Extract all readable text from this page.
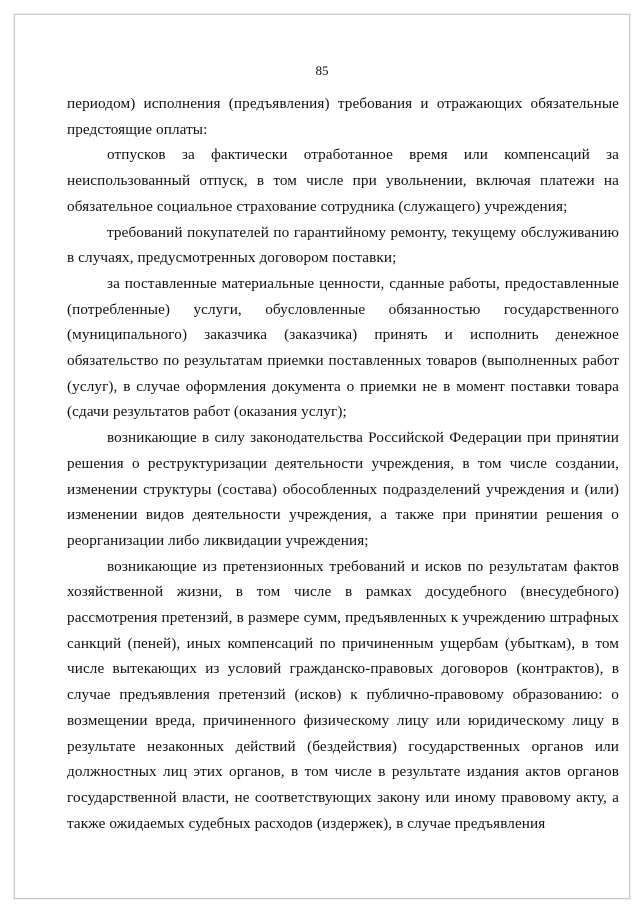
85

периодом) исполнения (предъявления) требования и отражающих обязательные предстоящие оплаты:

отпусков за фактически отработанное время или компенсаций за неиспользованный отпуск, в том числе при увольнении, включая платежи на обязательное социальное страхование сотрудника (служащего) учреждения;

требований покупателей по гарантийному ремонту, текущему обслуживанию в случаях, предусмотренных договором поставки;

за поставленные материальные ценности, сданные работы, предоставленные (потребленные) услуги, обусловленные обязанностью государственного (муниципального) заказчика (заказчика) принять и исполнить денежное обязательство по результатам приемки поставленных товаров (выполненных работ (услуг), в случае оформления документа о приемки не в момент поставки товара (сдачи результатов работ (оказания услуг);

возникающие в силу законодательства Российской Федерации при принятии решения о реструктуризации деятельности учреждения, в том числе создании, изменении структуры (состава) обособленных подразделений учреждения и (или) изменении видов деятельности учреждения, а также при принятии решения о реорганизации либо ликвидации учреждения;

возникающие из претензионных требований и исков по результатам фактов хозяйственной жизни, в том числе в рамках досудебного (внесудебного) рассмотрения претензий, в размере сумм, предъявленных к учреждению штрафных санкций (пеней), иных компенсаций по причиненным ущербам (убыткам), в том числе вытекающих из условий гражданско-правовых договоров (контрактов), в случае предъявления претензий (исков) к публично-правовому образованию: о возмещении вреда, причиненного физическому лицу или юридическому лицу в результате незаконных действий (бездействия) государственных органов или должностных лиц этих органов, в том числе в результате издания актов органов государственной власти, не соответствующих закону или иному правовому акту, а также ожидаемых судебных расходов (издержек), в случае предъявления
